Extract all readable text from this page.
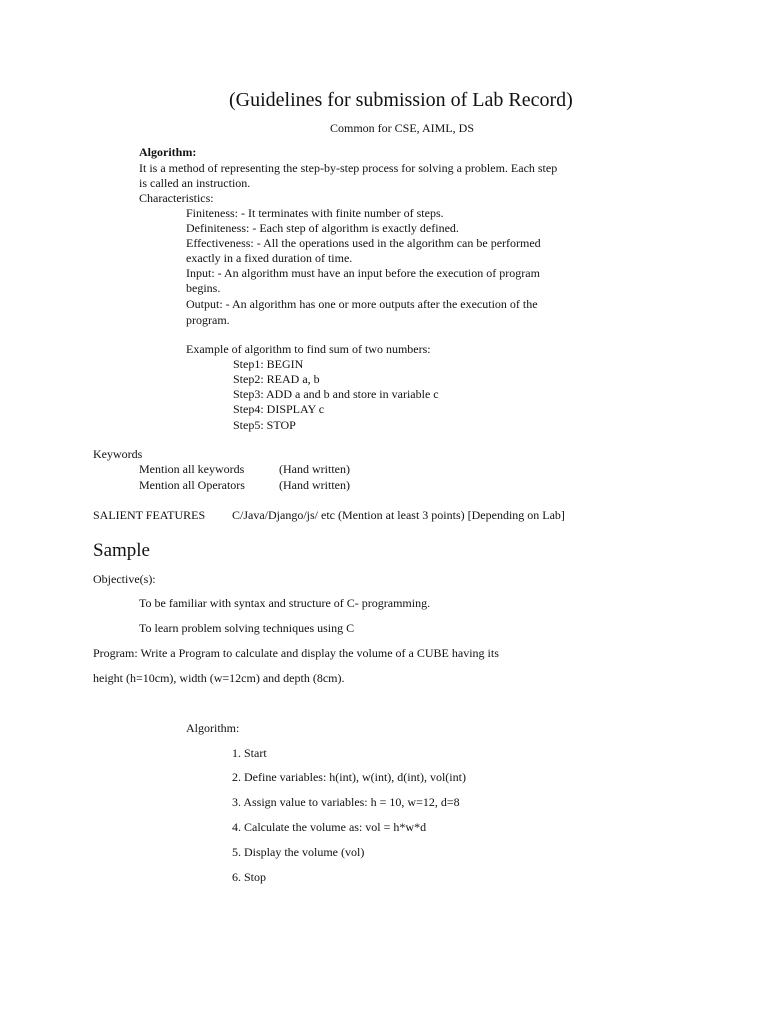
(Guidelines for submission of Lab Record)
Common for CSE, AIML, DS
Algorithm:
It is a method of representing the step-by-step process for solving a problem. Each step
is called an instruction.
Characteristics:
Finiteness: - It terminates with finite number of steps.
Definiteness: - Each step of algorithm is exactly defined.
Effectiveness: - All the operations used in the algorithm can be performed
exactly in a fixed duration of time.
Input: - An algorithm must have an input before the execution of program
begins.
Output: - An algorithm has one or more outputs after the execution of the
program.
Example of algorithm to find sum of two numbers:
Step1: BEGIN
Step2: READ a, b
Step3: ADD a and b and store in variable c
Step4: DISPLAY c
Step5: STOP
Keywords
Mention all keywords	(Hand written)
Mention all Operators	(Hand written)
SALIENT FEATURES C/Java/Django/js/ etc (Mention at least 3 points) [Depending on Lab]
Sample
Objective(s):
To be familiar with syntax and structure of C- programming.
To learn problem solving techniques using C
Program: Write a Program to calculate and display the volume of a CUBE having its
height (h=10cm), width (w=12cm) and depth (8cm).
Algorithm:
1. Start
2. Define variables: h(int), w(int), d(int), vol(int)
3. Assign value to variables: h = 10, w=12, d=8
4. Calculate the volume as: vol = h*w*d
5. Display the volume (vol)
6. Stop
